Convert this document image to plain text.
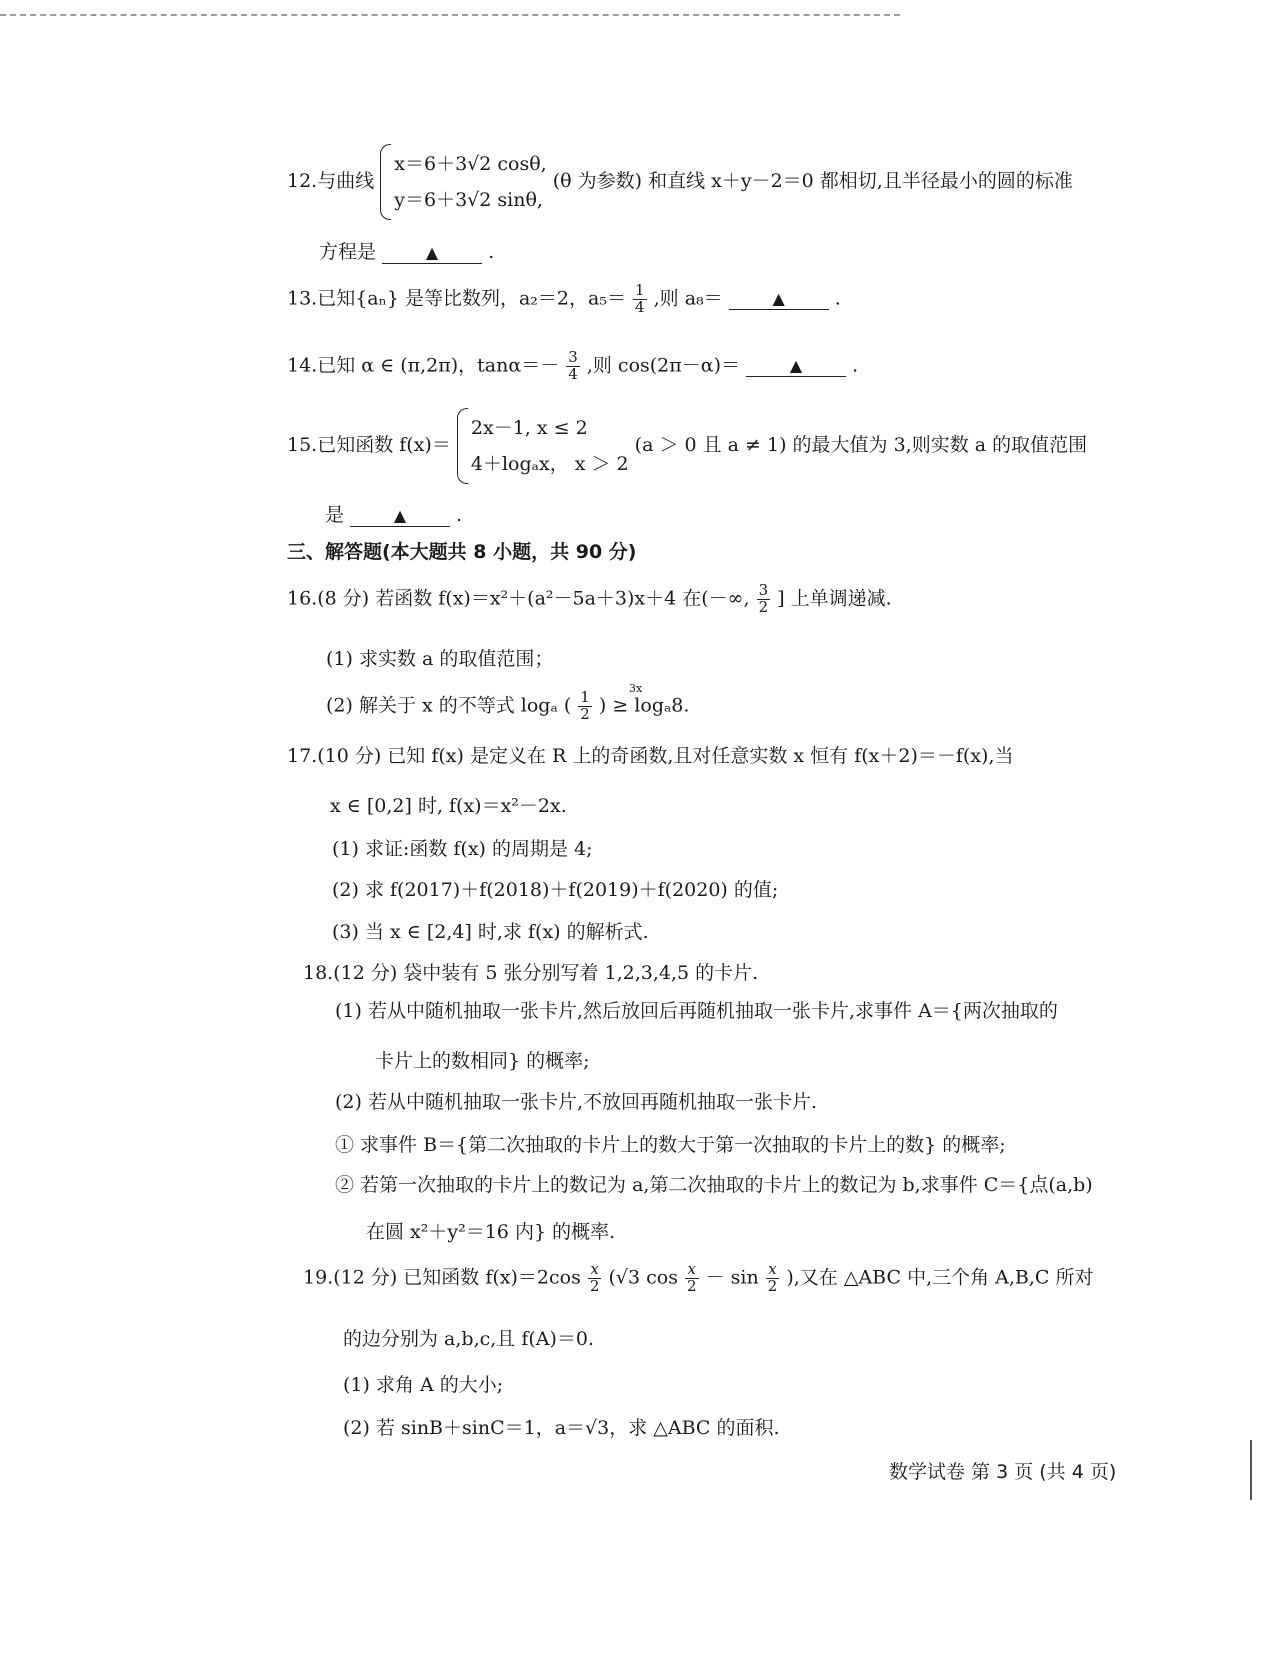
12.与曲线
x＝6＋3√2 cosθ,
y＝6＋3√2 sinθ,
(θ 为参数) 和直线 x＋y－2＝0 都相切,且半径最小的圆的标准
方程是	▲	.
13.已知{aₙ} 是等比数列，a₂＝2，$a_5= \frac{1}{4}$ ,则 a₈＝	▲	.
14.已知 α ∈ (π,2π)，$\tan\alpha=- \frac{3}{4}$ ,则 cos(2π－α)＝	▲	.
15.已知函数 f(x)＝
2x－1, x ≤ 2
4＋logₐx， x ＞ 2
(a ＞ 0 且 a ≠ 1) 的最大值为 3,则实数 a 的取值范围
是	▲	.
三、解答题(本大题共 8 小题，共 90 分)
16.(8 分) 若函数 f(x)＝x²＋(a²－5a＋3)x＋4 在(－∞, $\frac{3}{2}$ ] 上单调递减.
(1) 求实数 a 的取值范围；
(2) 解关于 x 的不等式 logₐ ( $\frac{1}{2}$ ) ≥ logₐ8.
3x
17.(10 分) 已知 f(x) 是定义在 R 上的奇函数,且对任意实数 x 恒有 f(x＋2)＝－f(x),当
x ∈ [0,2] 时, f(x)＝x²－2x.
(1) 求证:函数 f(x) 的周期是 4;
(2) 求 f(2017)＋f(2018)＋f(2019)＋f(2020) 的值;
(3) 当 x ∈ [2,4] 时,求 f(x) 的解析式.
18.(12 分) 袋中装有 5 张分别写着 1,2,3,4,5 的卡片.
(1) 若从中随机抽取一张卡片,然后放回后再随机抽取一张卡片,求事件 A＝{两次抽取的
卡片上的数相同} 的概率;
(2) 若从中随机抽取一张卡片,不放回再随机抽取一张卡片.
① 求事件 B＝{第二次抽取的卡片上的数大于第一次抽取的卡片上的数} 的概率;
② 若第一次抽取的卡片上的数记为 a,第二次抽取的卡片上的数记为 b,求事件 C＝{点(a,b)
在圆 x²＋y²＝16 内} 的概率.
19.(12 分) 已知函数 $f(x)=2\cos \frac{x}{2} (√3$ $\cos \frac{x}{2} - \sin \frac{x}{2}$ ),又在 △ABC 中,三个角 A,B,C 所对
的边分别为 a,b,c,且 f(A)＝0.
(1) 求角 A 的大小;
(2) 若 sinB＋sinC＝1，a＝√3，求 △ABC 的面积.
数学试卷 第 3 页 (共 4 页)
